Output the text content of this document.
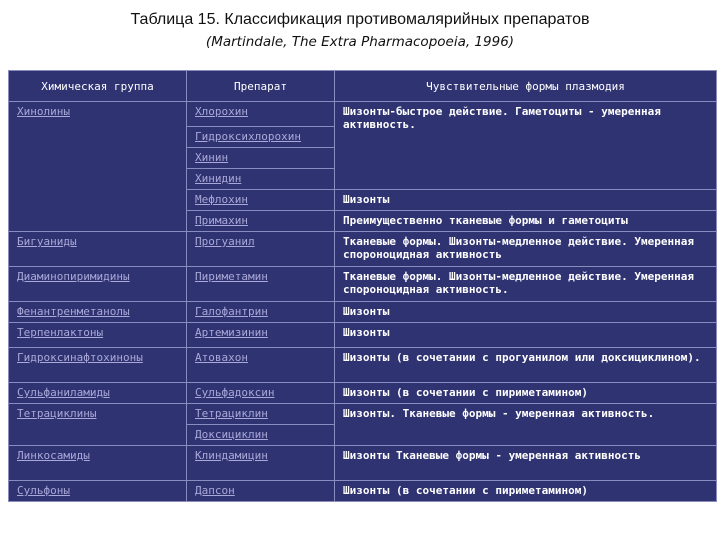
Таблица 15. Классификация противомалярийных препаратов
(Martindale, The Extra Pharmacopoeia, 1996)
Химическая группа	Препарат	Чувствительные формы плазмодия
Хинолины	Хлорохин	Шизонты-быстрое действие. Гаметоциты - умеренная активность.
	Гидроксихлорохин	
	Хинин	
	Хинидин	
	Мефлохин	Шизонты
	Примахин	Преимущественно тканевые формы и гаметоциты
Бигуаниды	Прогуанил	Тканевые формы. Шизонты-медленное действие. Умеренная спороноцидная активность
Диаминопиримидины	Пириметамин	Тканевые формы. Шизонты-медленное действие. Умеренная спороноцидная активность.
Фенантренметанолы	Галофантрин	Шизонты
Терпенлактоны	Артемизинин	Шизонты
Гидроксинафтохиноны	Атовахон	Шизонты (в сочетании с прогуанилом или доксициклином).
Сульфаниламиды	Сульфадоксин	Шизонты (в сочетании с пириметамином)
Тетрациклины	Тетрациклин	Шизонты. Тканевые формы - умеренная активность.
	Доксициклин	
Линкосамиды	Клиндамицин	Шизонты Тканевые формы - умеренная активность
Сульфоны	Дапсон	Шизонты (в сочетании с пириметамином)
